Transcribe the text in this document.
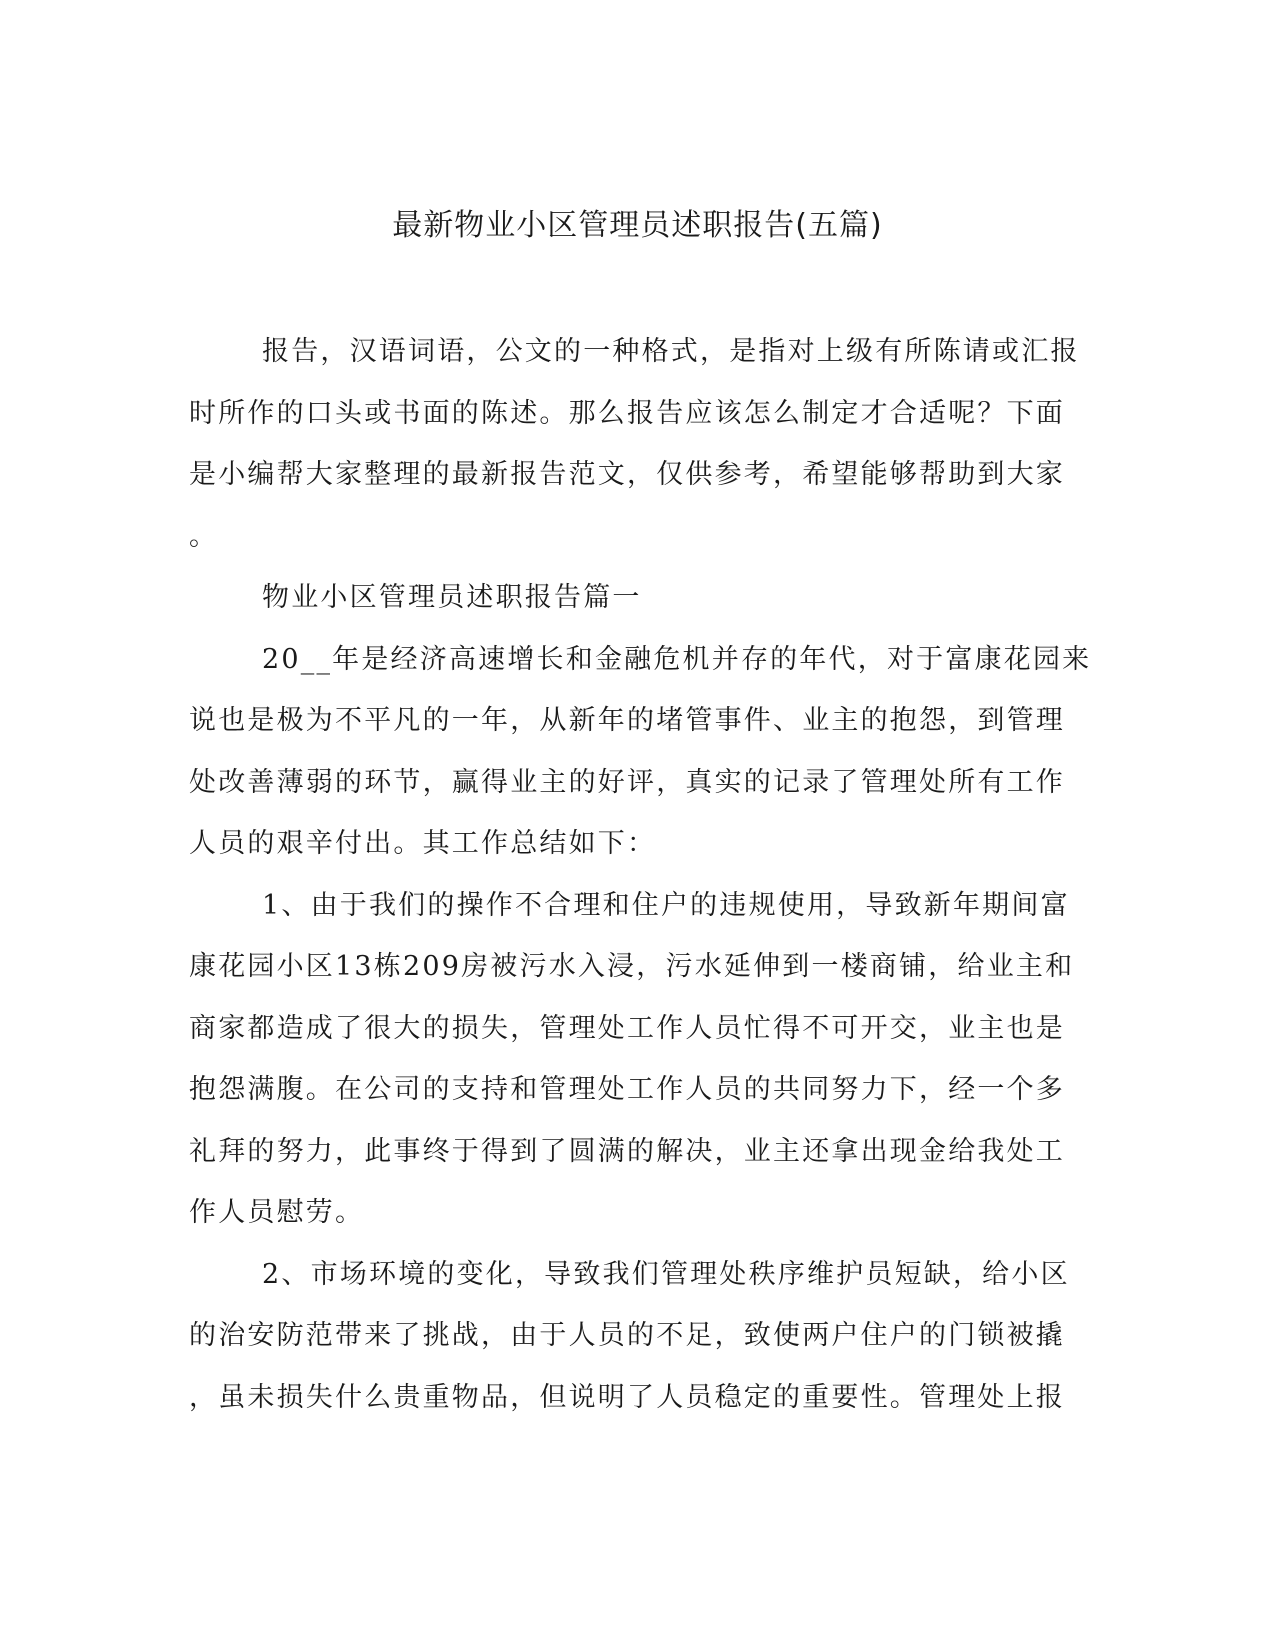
最新物业小区管理员述职报告(五篇)
报告，汉语词语，公文的一种格式，是指对上级有所陈请或汇报
时所作的口头或书面的陈述。那么报告应该怎么制定才合适呢？下面
是小编帮大家整理的最新报告范文，仅供参考，希望能够帮助到大家
。
物业小区管理员述职报告篇一
20__年是经济高速增长和金融危机并存的年代，对于富康花园来
说也是极为不平凡的一年，从新年的堵管事件、业主的抱怨，到管理
处改善薄弱的环节，赢得业主的好评，真实的记录了管理处所有工作
人员的艰辛付出。其工作总结如下：
1、由于我们的操作不合理和住户的违规使用，导致新年期间富
康花园小区13栋209房被污水入浸，污水延伸到一楼商铺，给业主和
商家都造成了很大的损失，管理处工作人员忙得不可开交，业主也是
抱怨满腹。在公司的支持和管理处工作人员的共同努力下，经一个多
礼拜的努力，此事终于得到了圆满的解决，业主还拿出现金给我处工
作人员慰劳。
2、市场环境的变化，导致我们管理处秩序维护员短缺，给小区
的治安防范带来了挑战，由于人员的不足，致使两户住户的门锁被撬
，虽未损失什么贵重物品，但说明了人员稳定的重要性。管理处上报
